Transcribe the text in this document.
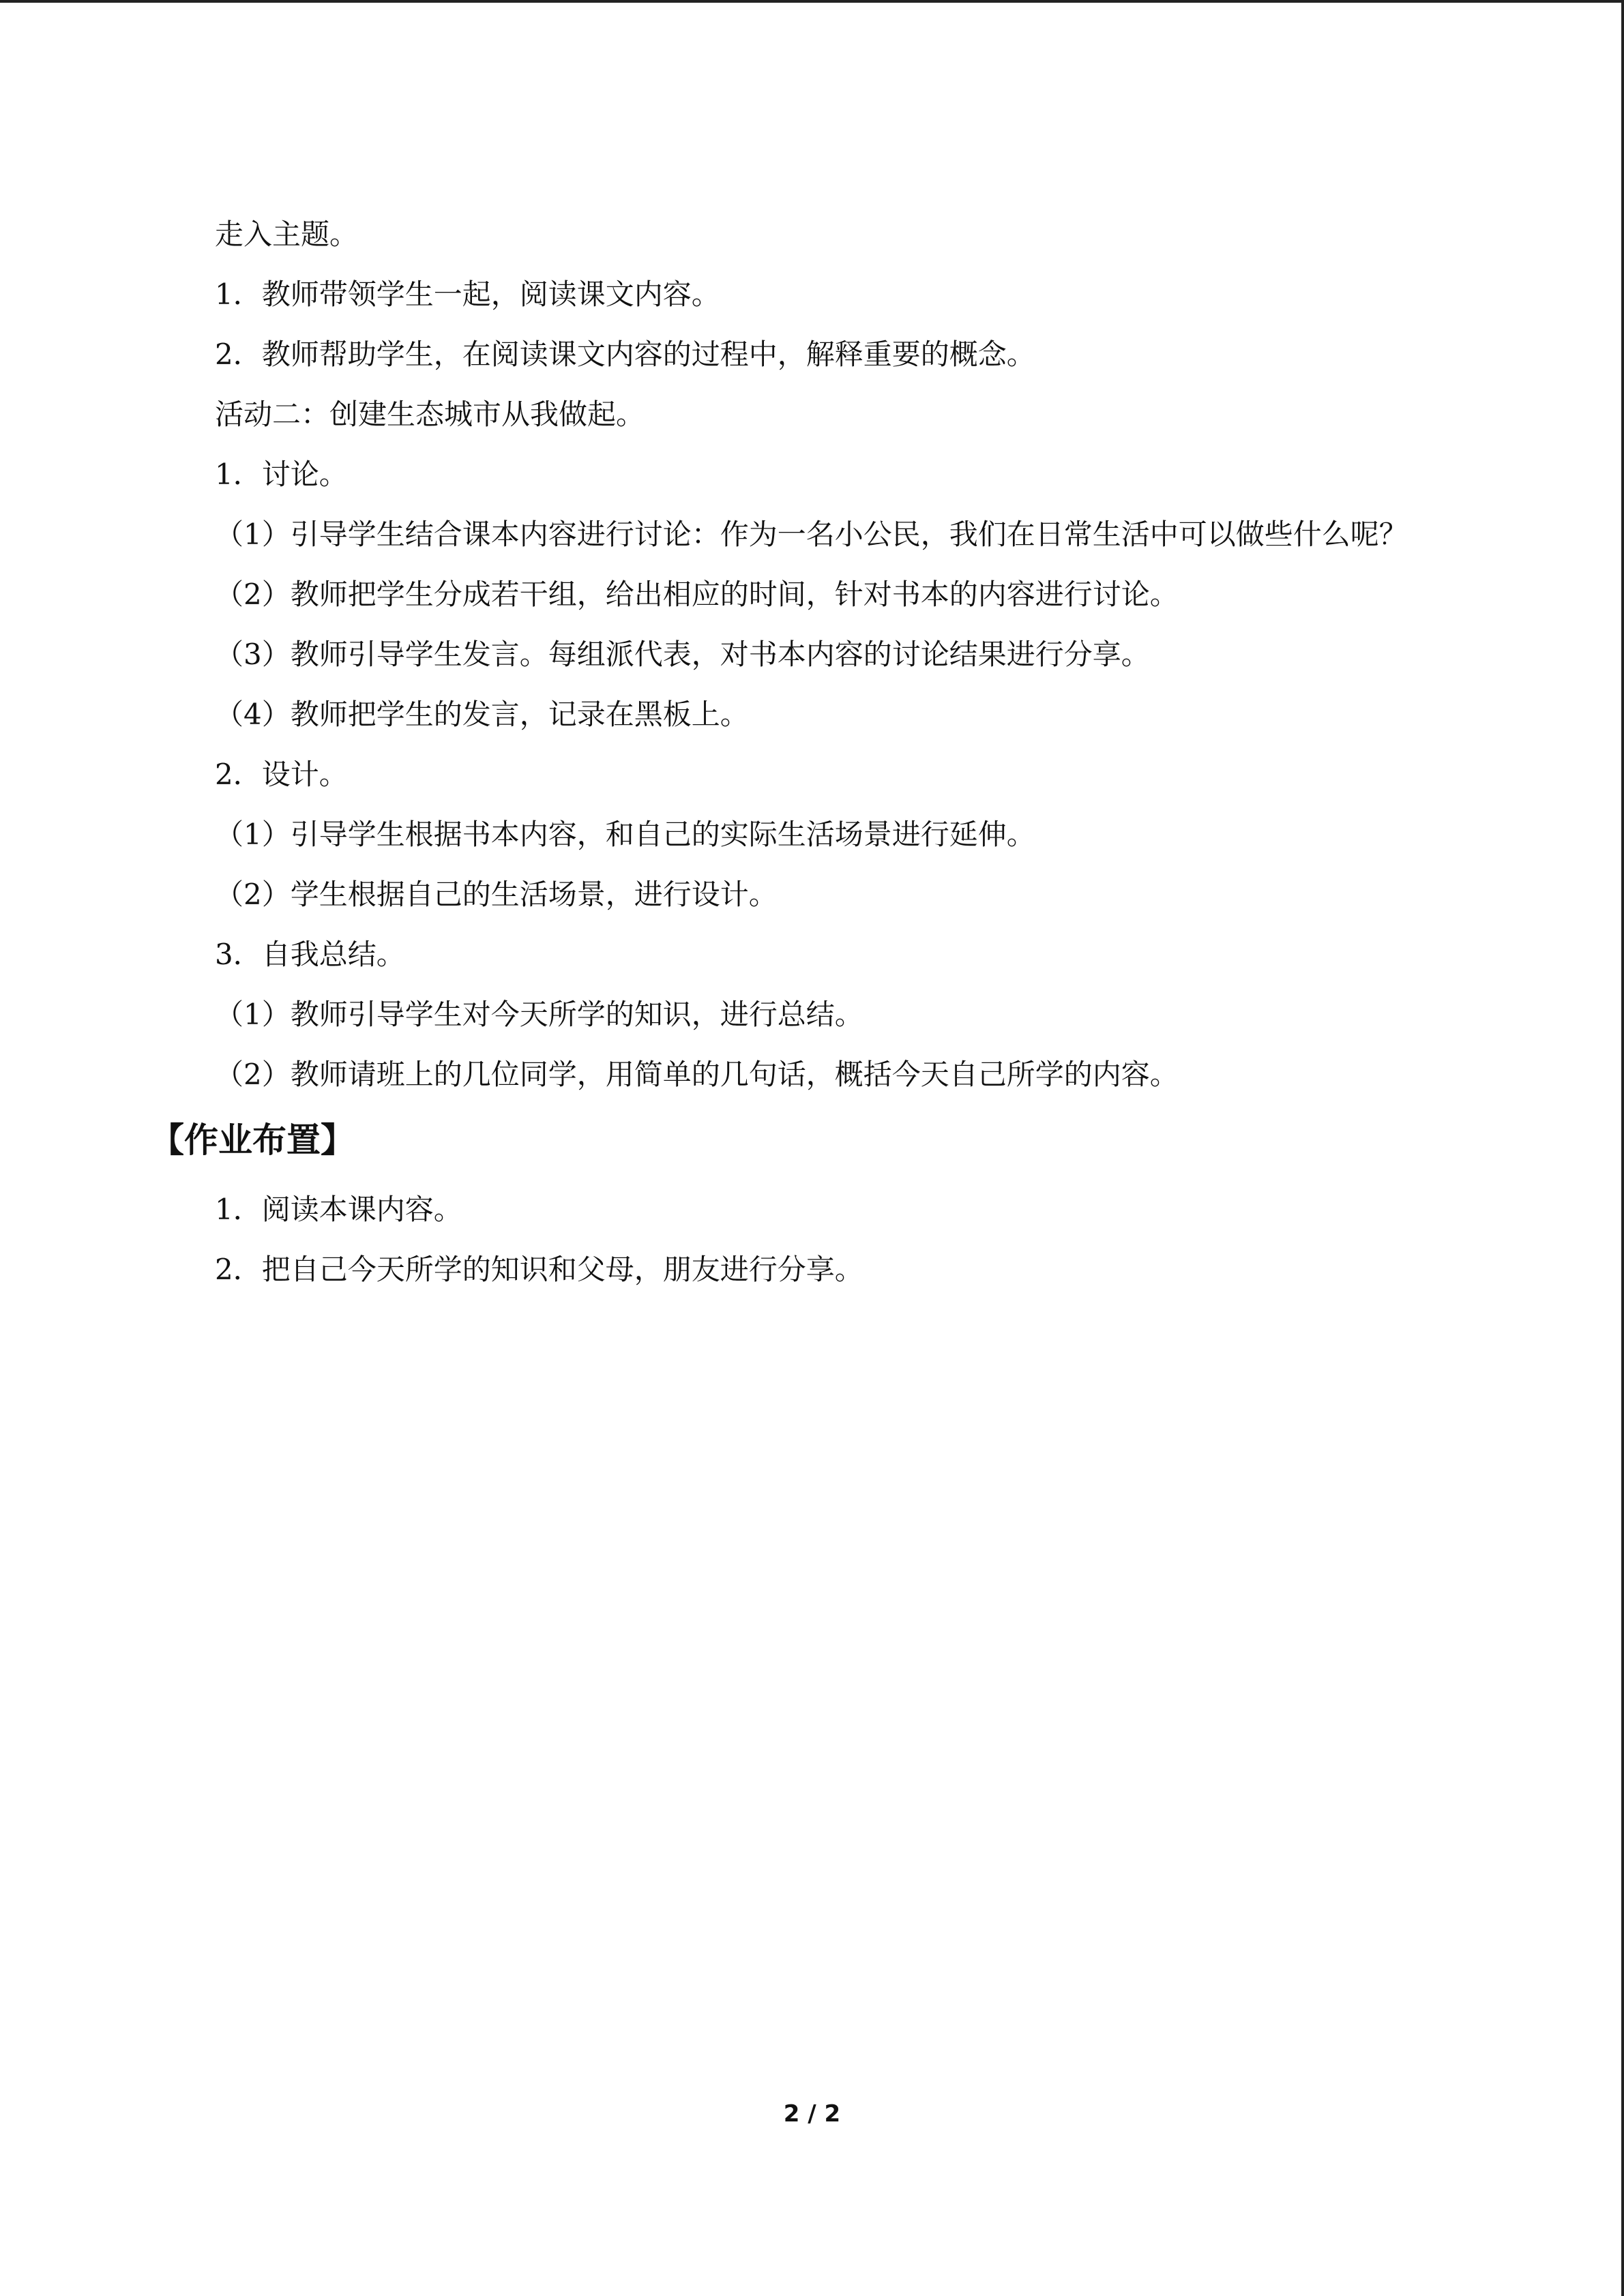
走入主题。

1．教师带领学生一起，阅读课文内容。

2．教师帮助学生，在阅读课文内容的过程中，解释重要的概念。

活动二：创建生态城市从我做起。

1．讨论。

（1）引导学生结合课本内容进行讨论：作为一名小公民，我们在日常生活中可以做些什么呢？

（2）教师把学生分成若干组，给出相应的时间，针对书本的内容进行讨论。

（3）教师引导学生发言。每组派代表，对书本内容的讨论结果进行分享。

（4）教师把学生的发言，记录在黑板上。

2．设计。

（1）引导学生根据书本内容，和自己的实际生活场景进行延伸。

（2）学生根据自己的生活场景，进行设计。

3．自我总结。

（1）教师引导学生对今天所学的知识，进行总结。

（2）教师请班上的几位同学，用简单的几句话，概括今天自己所学的内容。

【作业布置】

1．阅读本课内容。

2．把自己今天所学的知识和父母，朋友进行分享。

2 / 2
